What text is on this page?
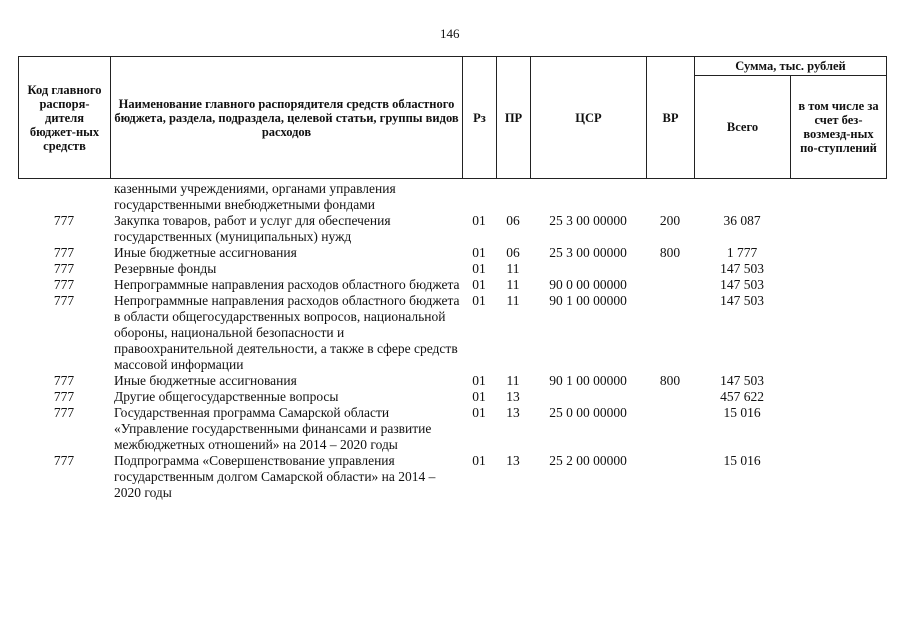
146
Код главного распоря-дителя бюджет-ных средств	Наименование главного распорядителя средств областного бюджета, раздела, подраздела, целевой статьи, группы видов расходов	Рз	ПР	ЦСР	ВР	Сумма, тыс. рублей	
						Всего	в том числе за счет без-возмезд-ных по-ступлений
	казенными учреждениями, органами управления государственными внебюджетными фондами						
777	Закупка товаров, работ и услуг для обеспечения государственных (муниципальных) нужд	01	06	25 3 00 00000	200	36 087	
777	Иные бюджетные ассигнования	01	06	25 3 00 00000	800	1 777	
777	Резервные фонды	01	11			147 503	
777	Непрограммные направления расходов областного бюджета	01	11	90 0 00 00000		147 503	
777	Непрограммные направления расходов областного бюджета в области общегосударственных вопросов, национальной обороны, национальной безопасности и правоохранительной деятельности, а также в сфере средств массовой информации	01	11	90 1 00 00000		147 503	
777	Иные бюджетные ассигнования	01	11	90 1 00 00000	800	147 503	
777	Другие общегосударственные вопросы	01	13			457 622	
777	Государственная программа Самарской области «Управление государственными финансами и развитие межбюджетных отношений» на 2014 – 2020 годы	01	13	25 0 00 00000		15 016	
777	Подпрограмма «Совершенствование управления государственным долгом Самарской области» на 2014 – 2020 годы	01	13	25 2 00 00000		15 016	
